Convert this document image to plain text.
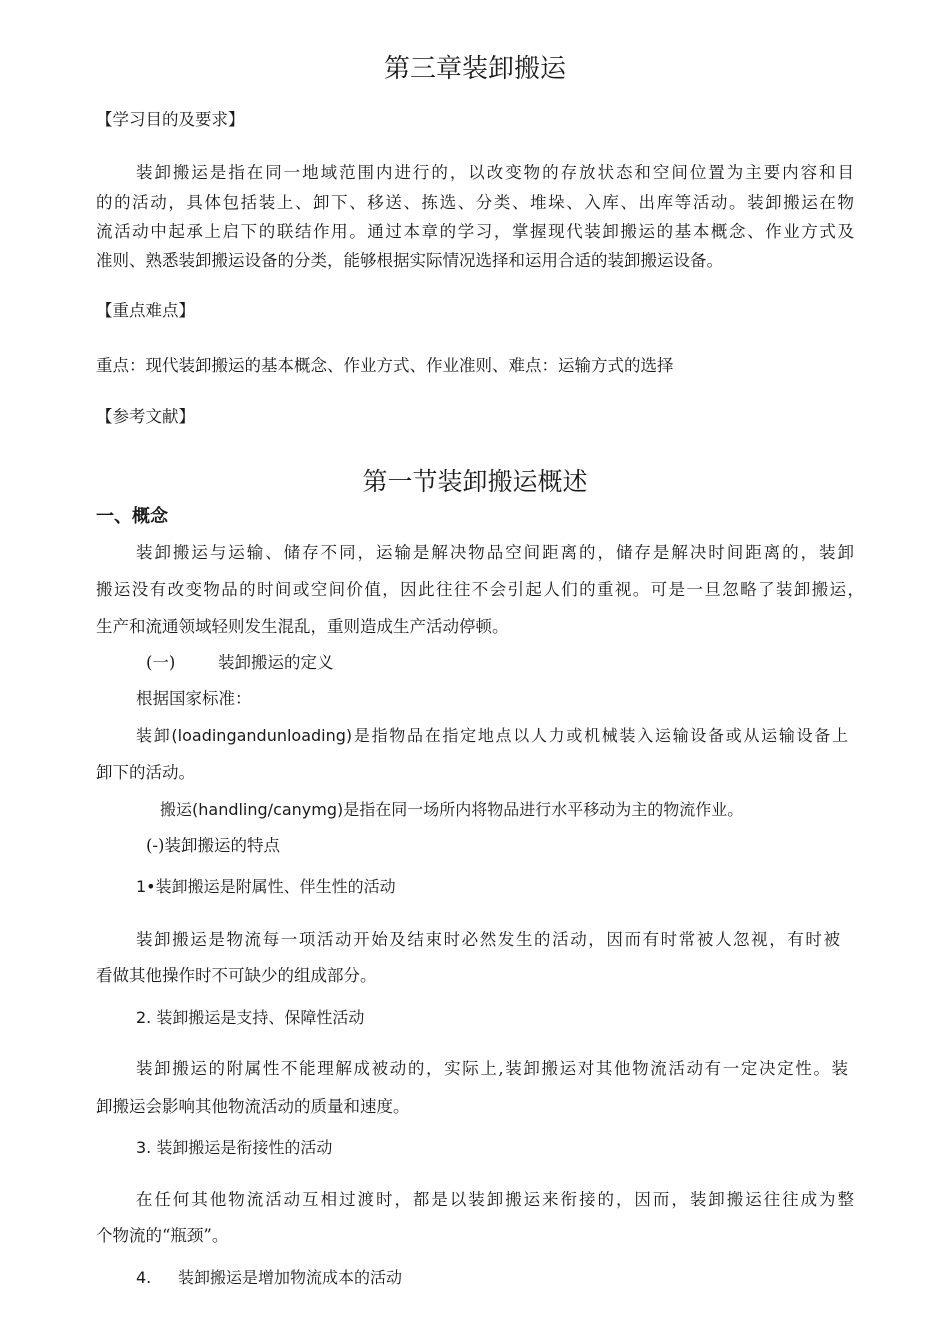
第三章装卸搬运
【学习目的及要求】
装卸搬运是指在同一地域范围内进行的，以改变物的存放状态和空间位置为主要内容和目
的的活动，具体包括装上、卸下、移送、拣选、分类、堆垛、入库、出库等活动。装卸搬运在物
流活动中起承上启下的联结作用。通过本章的学习，掌握现代装卸搬运的基本概念、作业方式及
准则、熟悉装卸搬运设备的分类，能够根据实际情况选择和运用合适的装卸搬运设备。
【重点难点】
重点：现代装卸搬运的基本概念、作业方式、作业准则、难点：运输方式的选择
【参考文献】
第一节装卸搬运概述
一、概念
装卸搬运与运输、储存不同，运输是解决物品空间距离的，储存是解决时间距离的，装卸
搬运没有改变物品的时间或空间价值，因此往往不会引起人们的重视。可是一旦忽略了装卸搬运，
生产和流通领域轻则发生混乱，重则造成生产活动停顿。
(一)	装卸搬运的定义
根据国家标准：
装卸(loadingandunloading)是指物品在指定地点以人力或机械装入运输设备或从运输设备上
卸下的活动。
搬运(handling/canymg)是指在同一场所内将物品进行水平移动为主的物流作业。
(-)装卸搬运的特点
1•装卸搬运是附属性、伴生性的活动
装卸搬运是物流每一项活动开始及结束时必然发生的活动，因而有时常被人忽视，有时被
看做其他操作时不可缺少的组成部分。
2. 装卸搬运是支持、保障性活动
装卸搬运的附属性不能理解成被动的，实际上,装卸搬运对其他物流活动有一定决定性。装
卸搬运会影响其他物流活动的质量和速度。
3. 装卸搬运是衔接性的活动
在任何其他物流活动互相过渡时，都是以装卸搬运来衔接的，因而，装卸搬运往往成为整
个物流的“瓶颈”。
4. 装卸搬运是增加物流成本的活动
